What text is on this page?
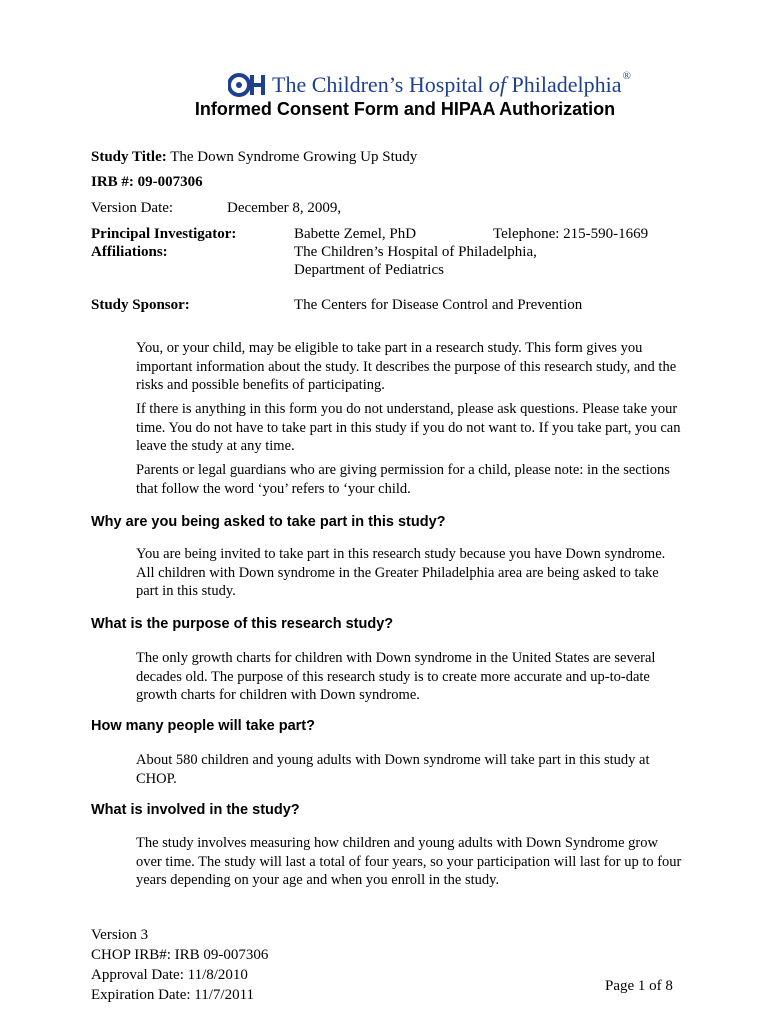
The Children’s Hospital of Philadelphia®
Informed Consent Form and HIPAA Authorization
Study Title: The Down Syndrome Growing Up Study
IRB #: 09-007306
Version Date:	December 8, 2009,
Principal Investigator:	Babette Zemel, PhD	Telephone: 215-590-1669
Affiliations:	The Children’s Hospital of Philadelphia,
Department of Pediatrics
Study Sponsor:	The Centers for Disease Control and Prevention
You, or your child, may be eligible to take part in a research study. This form gives you important information about the study. It describes the purpose of this research study, and the risks and possible benefits of participating.
If there is anything in this form you do not understand, please ask questions. Please take your time. You do not have to take part in this study if you do not want to. If you take part, you can leave the study at any time.
Parents or legal guardians who are giving permission for a child, please note: in the sections that follow the word ‘you’ refers to ‘your child.
Why are you being asked to take part in this study?
You are being invited to take part in this research study because you have Down syndrome. All children with Down syndrome in the Greater Philadelphia area are being asked to take part in this study.
What is the purpose of this research study?
The only growth charts for children with Down syndrome in the United States are several decades old. The purpose of this research study is to create more accurate and up-to-date growth charts for children with Down syndrome.
How many people will take part?
About 580 children and young adults with Down syndrome will take part in this study at CHOP.
What is involved in the study?
The study involves measuring how children and young adults with Down Syndrome grow over time. The study will last a total of four years, so your participation will last for up to four years depending on your age and when you enroll in the study.
Version 3
CHOP IRB#: IRB 09-007306
Approval Date: 11/8/2010
Expiration Date: 11/7/2011
Page 1 of 8
